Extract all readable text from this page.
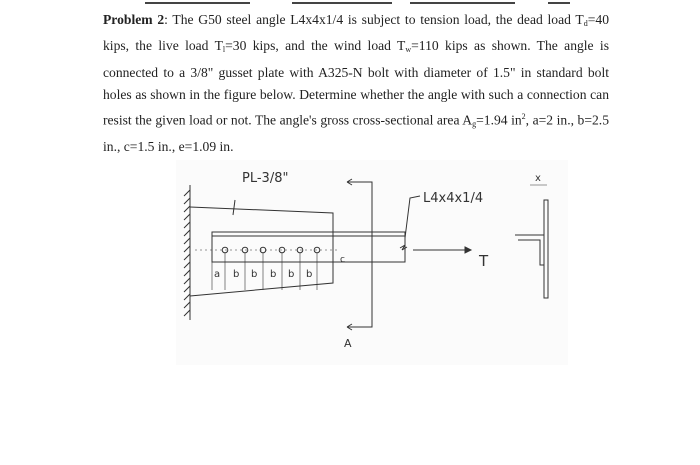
Problem 2: The G50 steel angle L4x4x1/4 is subject to tension load, the dead load $T_d=40$ kips, the live load $T_l=30$ kips, and the wind load $T_w=110$ kips as shown. The angle is connected to a 3/8" gusset plate with A325-N bolt with diameter of 1.5" in standard bolt holes as shown in the figure below. Determine whether the angle with such a connection can resist the given load or not. The angle's gross cross-sectional area $A_g=1.94$ $in^2$, a=2 in., b=2.5 in., c=1.5 in., e=1.09 in.
PL-3/8"
L4x4x1/4
T
A
c
x
a b b b b b
